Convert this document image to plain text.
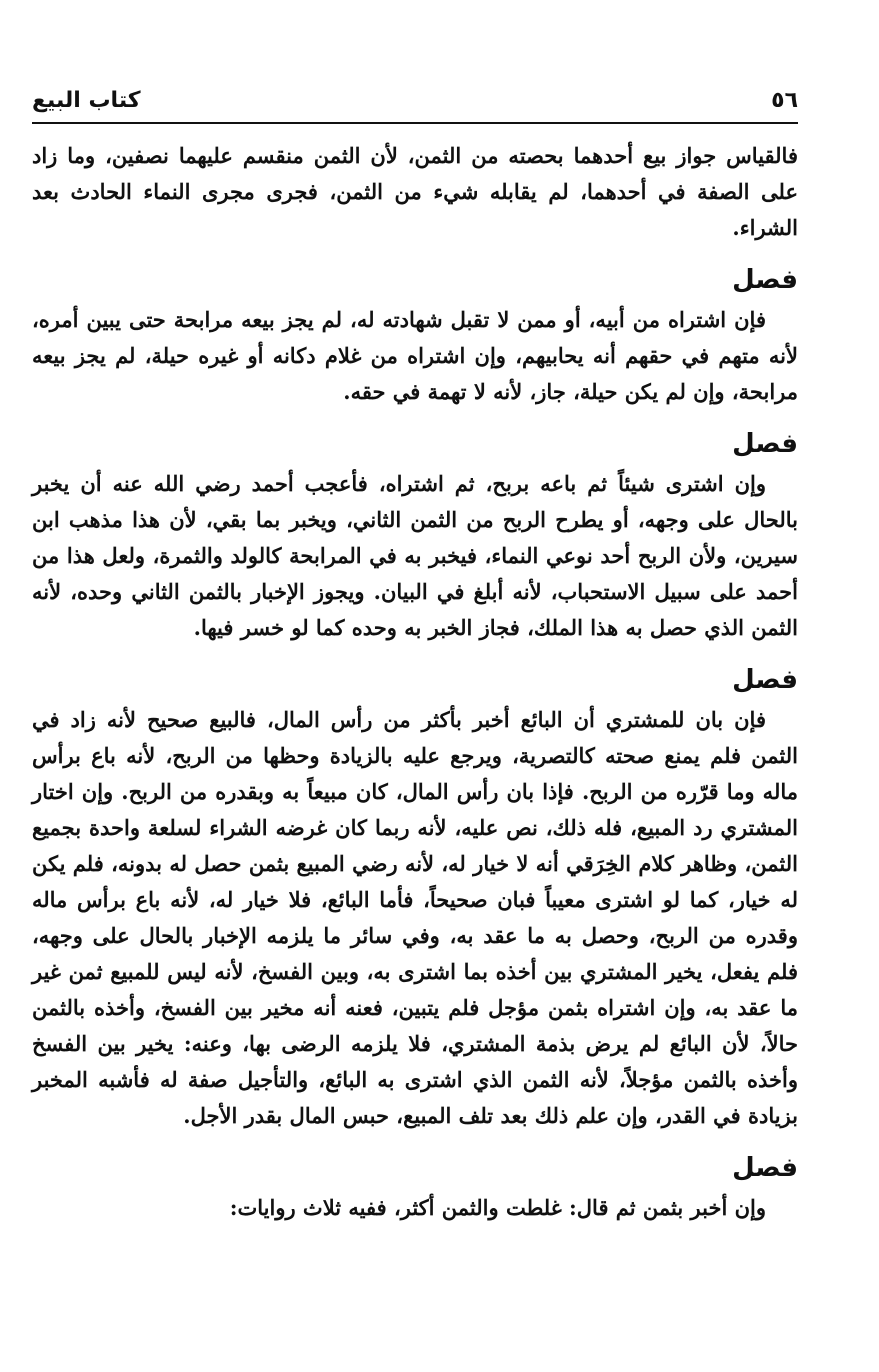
٥٦
كتاب البيع

فالقياس جواز بيع أحدهما بحصته من الثمن، لأن الثمن منقسم عليهما نصفين، وما زاد على الصفة في أحدهما، لم يقابله شيء من الثمن، فجرى مجرى النماء الحادث بعد الشراء.

فصل

فإن اشتراه من أبيه، أو ممن لا تقبل شهادته له، لم يجز بيعه مرابحة حتى يبين أمره، لأنه متهم في حقهم أنه يحابيهم، وإن اشتراه من غلام دكانه أو غيره حيلة، لم يجز بيعه مرابحة، وإن لم يكن حيلة، جاز، لأنه لا تهمة في حقه.

فصل

وإن اشترى شيئاً ثم باعه بربح، ثم اشتراه، فأعجب أحمد رضي الله عنه أن يخبر بالحال على وجهه، أو يطرح الربح من الثمن الثاني، ويخبر بما بقي، لأن هذا مذهب ابن سيرين، ولأن الربح أحد نوعي النماء، فيخبر به في المرابحة كالولد والثمرة، ولعل هذا من أحمد على سبيل الاستحباب، لأنه أبلغ في البيان. ويجوز الإخبار بالثمن الثاني وحده، لأنه الثمن الذي حصل به هذا الملك، فجاز الخبر به وحده كما لو خسر فيها.

فصل

فإن بان للمشتري أن البائع أخبر بأكثر من رأس المال، فالبيع صحيح لأنه زاد في الثمن فلم يمنع صحته كالتصرية، ويرجع عليه بالزيادة وحظها من الربح، لأنه باع برأس ماله وما قرّره من الربح. فإذا بان رأس المال، كان مبيعاً به وبقدره من الربح. وإن اختار المشتري رد المبيع، فله ذلك، نص عليه، لأنه ربما كان غرضه الشراء لسلعة واحدة بجميع الثمن، وظاهر كلام الخِرَقي أنه لا خيار له، لأنه رضي المبيع بثمن حصل له بدونه، فلم يكن له خيار، كما لو اشترى معيباً فبان صحيحاً، فأما البائع، فلا خيار له، لأنه باع برأس ماله وقدره من الربح، وحصل به ما عقد به، وفي سائر ما يلزمه الإخبار بالحال على وجهه، فلم يفعل، يخير المشتري بين أخذه بما اشترى به، وبين الفسخ، لأنه ليس للمبيع ثمن غير ما عقد به، وإن اشتراه بثمن مؤجل فلم يتبين، فعنه أنه مخير بين الفسخ، وأخذه بالثمن حالاً، لأن البائع لم يرض بذمة المشتري، فلا يلزمه الرضى بها، وعنه: يخير بين الفسخ وأخذه بالثمن مؤجلاً، لأنه الثمن الذي اشترى به البائع، والتأجيل صفة له فأشبه المخبر بزيادة في القدر، وإن علم ذلك بعد تلف المبيع، حبس المال بقدر الأجل.

فصل

وإن أخبر بثمن ثم قال: غلطت والثمن أكثر، ففيه ثلاث روايات:
